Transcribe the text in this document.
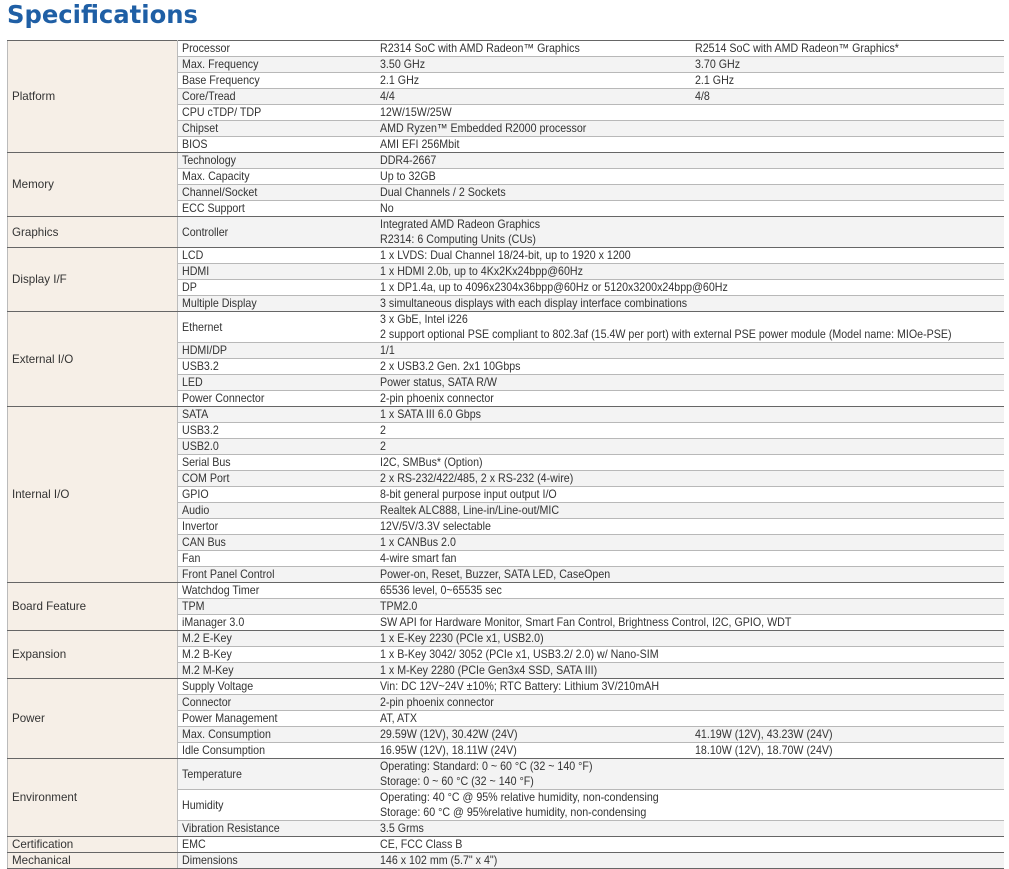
Specifications
Platform	Processor	R2314 SoC with AMD Radeon™ Graphics	R2514 SoC with AMD Radeon™ Graphics*

	Max. Frequency	3.50 GHz	3.70 GHz

	Base Frequency	2.1 GHz	2.1 GHz

	Core/Tread	4/4	4/8

	CPU cTDP/ TDP	12W/15W/25W	

	Chipset	AMD Ryzen™ Embedded R2000 processor	

	BIOS	AMI EFI 256Mbit	

Memory	Technology	DDR4-2667	

	Max. Capacity	Up to 32GB	

	Channel/Socket	Dual Channels / 2 Sockets	

	ECC Support	No	

Graphics	Controller	Integrated AMD Radeon Graphics
R2314: 6 Computing Units (CUs)	

Display I/F	LCD	1 x LVDS: Dual Channel 18/24-bit, up to 1920 x 1200	

	HDMI	1 x HDMI 2.0b, up to 4Kx2Kx24bpp@60Hz	

	DP	1 x DP1.4a, up to 4096x2304x36bpp@60Hz or 5120x3200x24bpp@60Hz	

	Multiple Display	3 simultaneous displays with each display interface combinations	

External I/O	Ethernet	3 x GbE, Intel i226
2 support optional PSE compliant to 802.3af (15.4W per port) with external PSE power module (Model name: MIOe-PSE)	

	HDMI/DP	1/1	

	USB3.2	2 x USB3.2 Gen. 2x1 10Gbps	

	LED	Power status, SATA R/W	

	Power Connector	2-pin phoenix connector	

Internal I/O	SATA	1 x SATA III 6.0 Gbps	

	USB3.2	2	

	USB2.0	2	

	Serial Bus	I2C, SMBus* (Option)	

	COM Port	2 x RS-232/422/485, 2 x RS-232 (4-wire)	

	GPIO	8-bit general purpose input output I/O	

	Audio	Realtek ALC888, Line-in/Line-out/MIC	

	Invertor	12V/5V/3.3V selectable	

	CAN Bus	1 x CANBus 2.0	

	Fan	4-wire smart fan	

	Front Panel Control	Power-on, Reset, Buzzer, SATA LED, CaseOpen	

Board Feature	Watchdog Timer	65536 level, 0~65535 sec	

	TPM	TPM2.0	

	iManager 3.0	SW API for Hardware Monitor, Smart Fan Control, Brightness Control, I2C, GPIO, WDT	

Expansion	M.2 E-Key	1 x E-Key 2230 (PCIe x1, USB2.0)	

	M.2 B-Key	1 x B-Key 3042/ 3052 (PCIe x1, USB3.2/ 2.0) w/ Nano-SIM	

	M.2 M-Key	1 x M-Key 2280 (PCIe Gen3x4 SSD, SATA III)	

Power	Supply Voltage	Vin: DC 12V~24V ±10%; RTC Battery: Lithium 3V/210mAH	

	Connector	2-pin phoenix connector	

	Power Management	AT, ATX	

	Max. Consumption	29.59W (12V), 30.42W (24V)	41.19W (12V), 43.23W (24V)

	Idle Consumption	16.95W (12V), 18.11W (24V)	18.10W (12V), 18.70W (24V)

Environment	Temperature	Operating: Standard: 0 ~ 60 °C (32 ~ 140 °F)
Storage: 0 ~ 60 °C (32 ~ 140 °F)	

	Humidity	Operating: 40 °C @ 95% relative humidity, non-condensing
Storage: 60 °C @ 95%relative humidity, non-condensing	

	Vibration Resistance	3.5 Grms	

Certification	EMC	CE, FCC Class B	

Mechanical	Dimensions	146 x 102 mm (5.7" x 4")	
